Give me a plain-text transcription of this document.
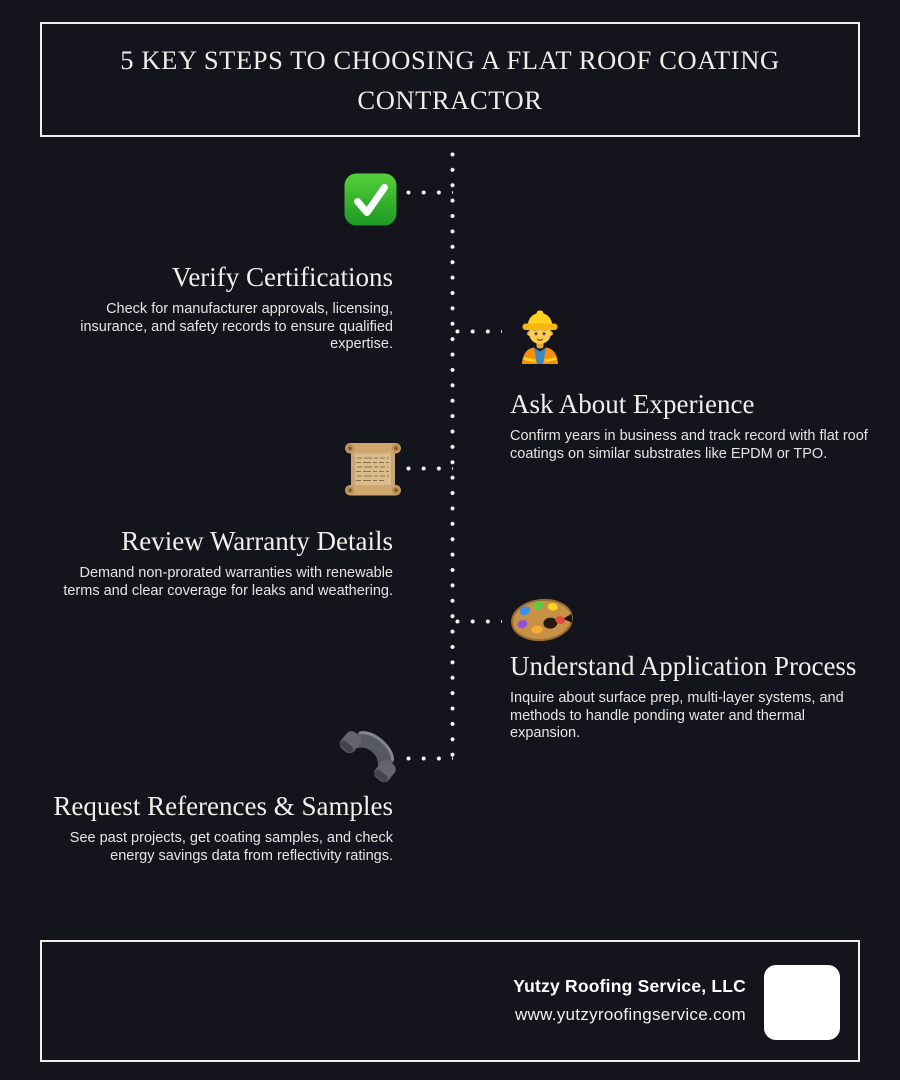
5 KEY STEPS TO CHOOSING A FLAT ROOF COATING CONTRACTOR
Verify Certifications

Check for manufacturer approvals, licensing, insurance, and safety records to ensure qualified expertise.

Ask About Experience

Confirm years in business and track record with flat roof coatings on similar substrates like EPDM or TPO.

Review Warranty Details

Demand non-prorated warranties with renewable terms and clear coverage for leaks and weathering.

Understand Application Process

Inquire about surface prep, multi-layer systems, and methods to handle ponding water and thermal expansion.

Request References & Samples

See past projects, get coating samples, and check energy savings data from reflectivity ratings.

Yutzy Roofing Service, LLC
www.yutzyroofingservice.com
